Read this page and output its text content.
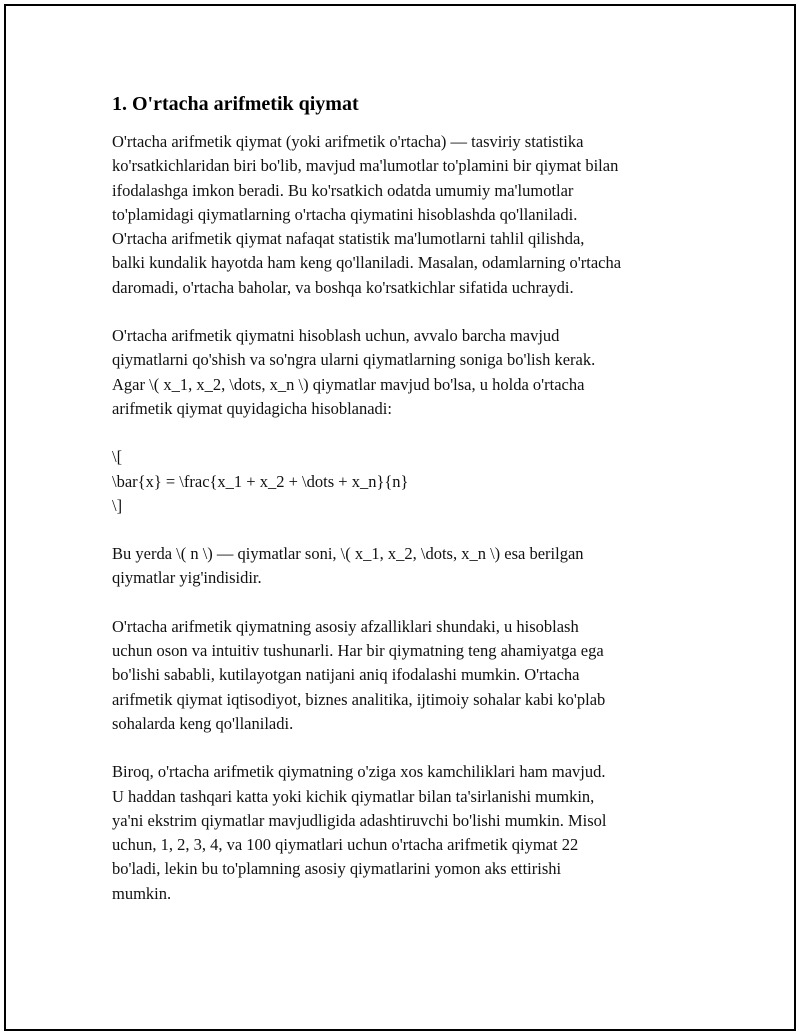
1. O'rtacha arifmetik qiymat
O'rtacha arifmetik qiymat (yoki arifmetik o'rtacha) — tasviriy statistika
ko'rsatkichlaridan biri bo'lib, mavjud ma'lumotlar to'plamini bir qiymat bilan
ifodalashga imkon beradi. Bu ko'rsatkich odatda umumiy ma'lumotlar
to'plamidagi qiymatlarning o'rtacha qiymatini hisoblashda qo'llaniladi.
O'rtacha arifmetik qiymat nafaqat statistik ma'lumotlarni tahlil qilishda,
balki kundalik hayotda ham keng qo'llaniladi. Masalan, odamlarning o'rtacha
daromadi, o'rtacha baholar, va boshqa ko'rsatkichlar sifatida uchraydi.
O'rtacha arifmetik qiymatni hisoblash uchun, avvalo barcha mavjud
qiymatlarni qo'shish va so'ngra ularni qiymatlarning soniga bo'lish kerak.
Agar \( x_1, x_2, \dots, x_n \) qiymatlar mavjud bo'lsa, u holda o'rtacha
arifmetik qiymat quyidagicha hisoblanadi:
\[
\bar{x} = \frac{x_1 + x_2 + \dots + x_n}{n}
\]
Bu yerda \( n \) — qiymatlar soni, \( x_1, x_2, \dots, x_n \) esa berilgan
qiymatlar yig'indisidir.
O'rtacha arifmetik qiymatning asosiy afzalliklari shundaki, u hisoblash
uchun oson va intuitiv tushunarli. Har bir qiymatning teng ahamiyatga ega
bo'lishi sababli, kutilayotgan natijani aniq ifodalashi mumkin. O'rtacha
arifmetik qiymat iqtisodiyot, biznes analitika, ijtimoiy sohalar kabi ko'plab
sohalarda keng qo'llaniladi.
Biroq, o'rtacha arifmetik qiymatning o'ziga xos kamchiliklari ham mavjud.
U haddan tashqari katta yoki kichik qiymatlar bilan ta'sirlanishi mumkin,
ya'ni ekstrim qiymatlar mavjudligida adashtiruvchi bo'lishi mumkin. Misol
uchun, 1, 2, 3, 4, va 100 qiymatlari uchun o'rtacha arifmetik qiymat 22
bo'ladi, lekin bu to'plamning asosiy qiymatlarini yomon aks ettirishi
mumkin.
